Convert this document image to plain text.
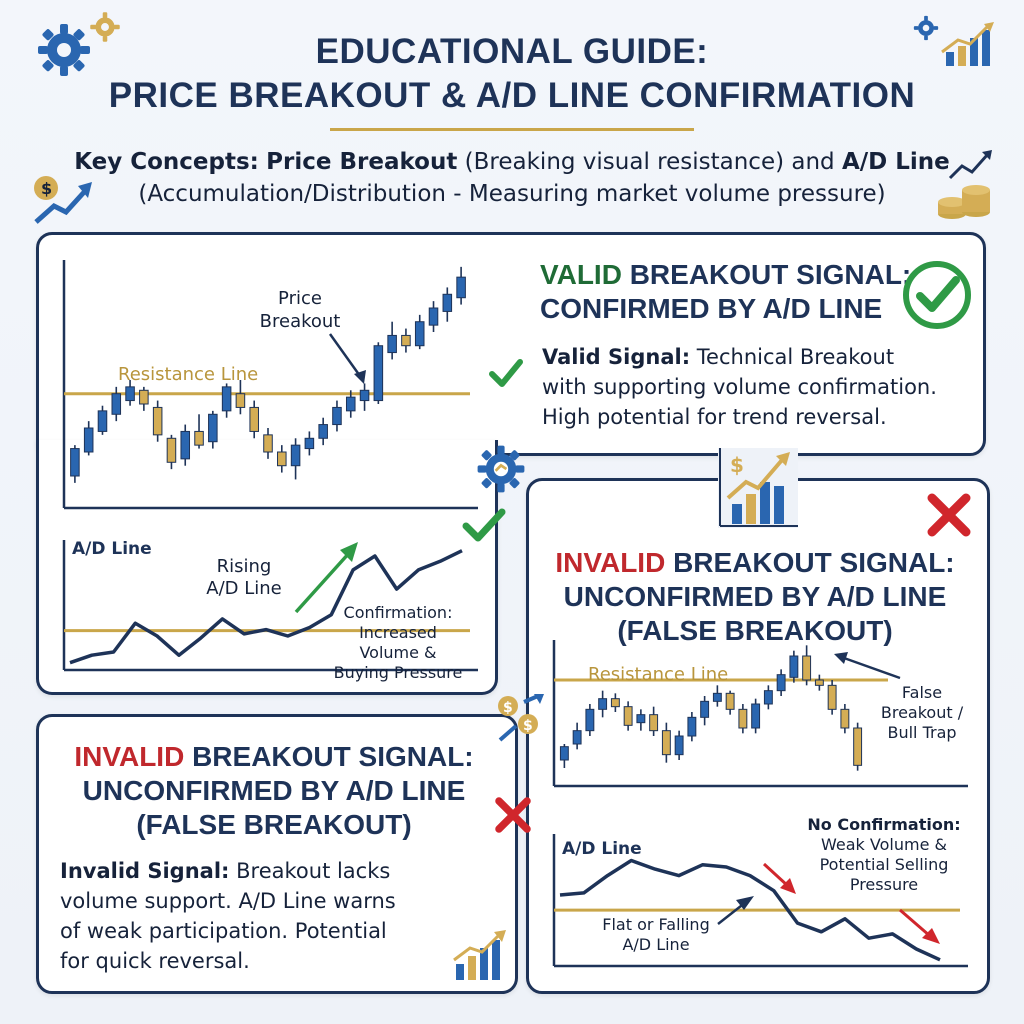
$
EDUCATIONAL GUIDE:
PRICE BREAKOUT & A/D LINE CONFIRMATION
Key Concepts: Price Breakout (Breaking visual resistance) and A/D Line
(Accumulation/Distribution - Measuring market volume pressure)
Resistance Line
Price
Breakout
A/D Line
Rising
A/D Line
Confirmation:
Increased
Volume &
Buying Pressure
VALID BREAKOUT SIGNAL:
CONFIRMED BY A/D LINE
Valid Signal: Technical Breakout
with supporting volume confirmation.
High potential for trend reversal.
$
INVALID BREAKOUT SIGNAL:
UNCONFIRMED BY A/D LINE
(FALSE BREAKOUT)
Resistance Line
False
Breakout /
Bull Trap
A/D Line
No Confirmation:
Weak Volume &
Potential Selling
Pressure
Flat or Falling
A/D Line
INVALID BREAKOUT SIGNAL:
UNCONFIRMED BY A/D LINE
(FALSE BREAKOUT)
Invalid Signal: Breakout lacks
volume support. A/D Line warns
of weak participation. Potential
for quick reversal.
$
$
